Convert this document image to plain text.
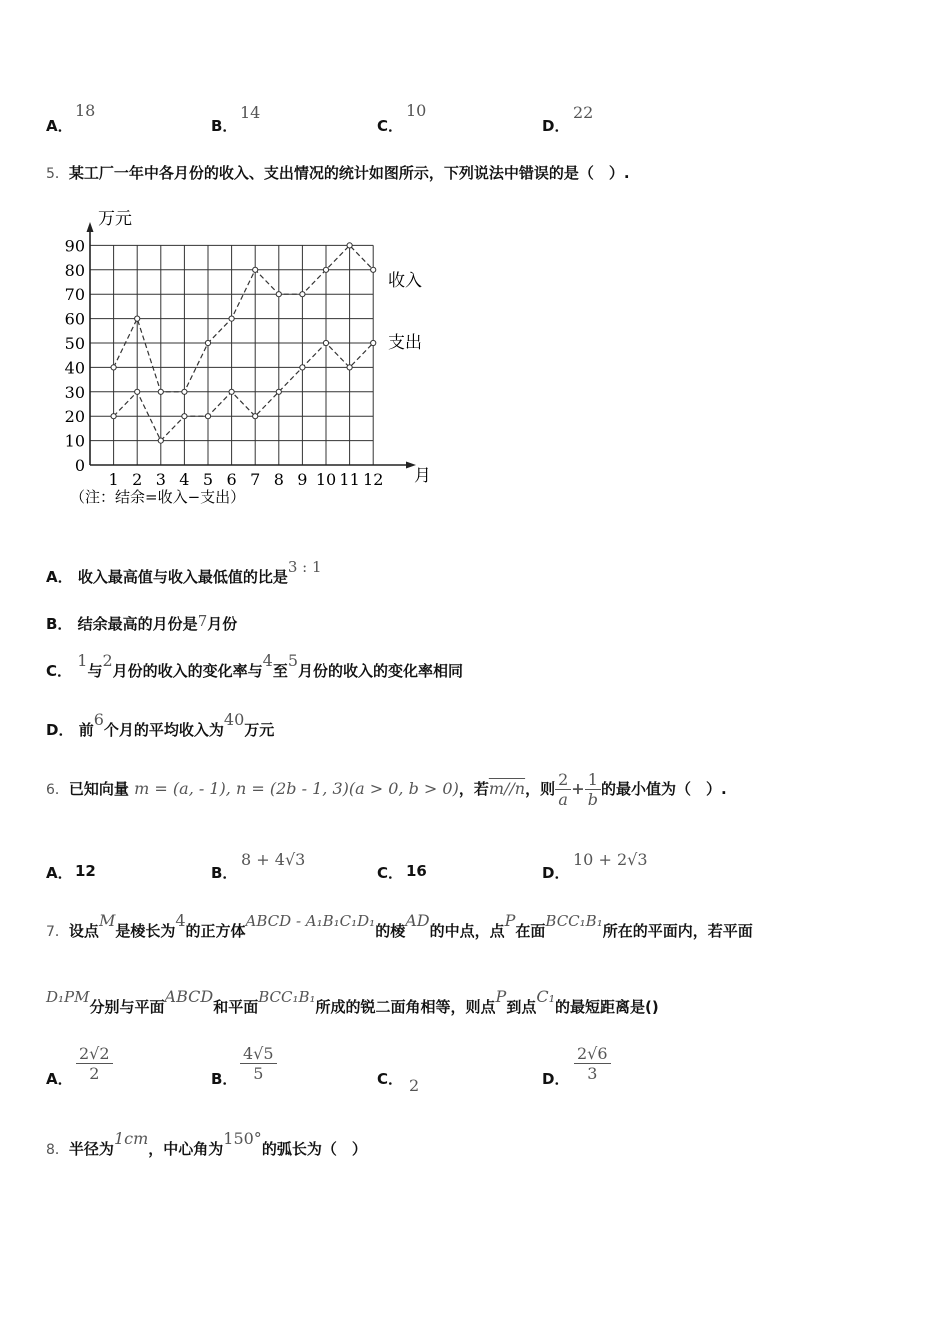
A．
18
B．
14
C．
10
D．
22
5．某工厂一年中各月份的收入、支出情况的统计如图所示，下列说法中错误的是（　）.
万元
月
0
10
20
30
40
50
60
70
80
90
1 2 3 4 5 6 7 8 9 10 11 12
收入
支出
（注：结余=收入−支出）
A． 收入最高值与收入最低值的比是3 : 1
B． 结余最高的月份是7月份
C． 1与2月份的收入的变化率与4至5月份的收入的变化率相同
D． 前6个月的平均收入为40万元
6．已知向量 m = (a, - 1), n = (2b - 1, 3)(a > 0, b > 0)，若m//n，则 $\frac{2}{a} + \frac{1}{b}$ 的最小值为（　）.
A． 12	B．
8 + 4√3
C． 16	D．
10 + 2√3
7．设点M是棱长为4的正方体ABCD - A₁B₁C₁D₁的棱AD的中点，点P在面BCC₁B₁所在的平面内，若平面
D₁PM分别与平面ABCD和平面BCC₁B₁所成的锐二面角相等，则点P到点C₁的最短距离是()
A． $\frac{2√2}{2}$	B． $\frac{4√5}{5}$	C． 2	D． $\frac{2√6}{3}$
8．半径为1cm，中心角为150°的弧长为（　）
